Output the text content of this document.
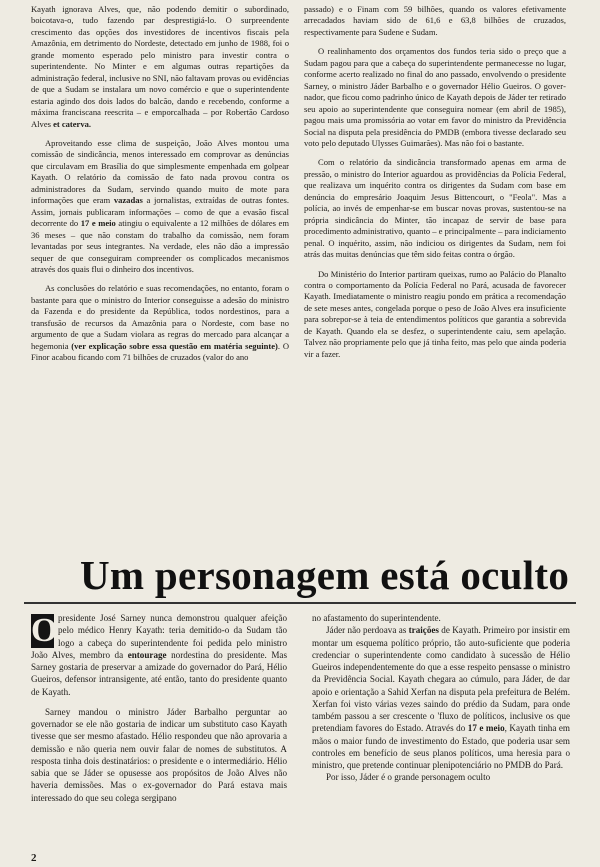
Kayath ignorava Alves, que, não podendo demitir o subordinado, boicotava-o, tudo fazendo par desprestigiá-lo. O surpreendente crescimento das opções dos investidores de incentivos fiscais pela Amazônia, em detrimento do Nordeste, detectado em junho de 1988, foi o grande momento esperado pelo ministro para investir contra o superintendente. No Minter e em algumas outras repartições da administração federal, inclusive no SNI, não faltavam provas ou evidências de que a Sudam se instalara um novo comércio e que o superintendente estaria agindo dos dois lados do balcão, dando e recebendo, conforme a máxima franciscana reescrita – e emporcalhada – por Robertão Cardoso Alves et caterva.

Aproveitando esse clima de suspeição, João Alves montou uma comissão de sindicância, menos interessado em comprovar as denúncias que circulavam em Brasília do que simplesmente empenhada em golpear Kayath. O relatório da comissão de fato nada provou contra os administradores da Sudam, servindo quando muito de mote para informações que eram vazadas a jornalistas, extraídas de outras fontes. Assim, jornais publicaram informações – como de que a evasão fiscal decorrente do 17 e meio atingiu o equivalente a 12 milhões de dólares em 36 meses – que não constam do trabalho da comissão, nem foram levantadas por seus integrantes. Na verdade, eles não dão a impressão sequer de que conseguiram compreender os complicados mecanismos através dos quais flui o dinheiro dos incentivos.

As conclusões do relatório e suas recomendações, no entanto, foram o bastante para que o ministro do Interior conseguisse a adesão do ministro da Fazenda e do presidente da República, todos nordestinos, para a transfusão de recursos da Amazônia para o Nordeste, com base no argumento de que a Sudam violara as regras do mercado para alcançar a hegemonia (ver explicação sobre essa questão em matéria seguinte). O Finor acabou ficando com 71 bilhões de cruzados (valor do ano

passado) e o Finam com 59 bilhões, quando os valores efetivamente arrecadados haviam sido de 61,6 e 63,8 bilhões de cruzados, respectivamente para Sudene e Sudam.

O realinhamento dos orçamentos dos fundos teria sido o preço que a Sudam pagou para que a cabeça do superintendente permanecesse no lugar, conforme acerto realizado no final do ano passado, envolvendo o presidente Sarney, o ministro Jáder Barbalho e o governador Hélio Gueiros. O governador, que ficou como padrinho único de Kayath depois de Jáder ter retirado seu apoio ao superintendente que conseguira nomear (em abril de 1985), pagou mais uma promissória ao votar em favor do ministro da Previdência Social na disputa pela presidência do PMDB (embora tivesse declarado seu voto pelo deputado Ulysses Guimarães). Mas não foi o bastante.

Com o relatório da sindicância transformado apenas em arma de pressão, o ministro do Interior aguardou as providências da Polícia Federal, que realizava um inquérito contra os dirigentes da Sudam com base em denúncia do empresário Joaquim Jesus Bittencourt, o "Feola". Mas a polícia, ao invés de empenhar-se em buscar novas provas, sustentou-se na própria sindicância do Minter, tão incapaz de servir de base para procedimento administrativo, quanto – e principalmente – para indiciamento penal. O inquérito, assim, não indiciou os dirigentes da Sudam, nem foi atrás das muitas denúncias que têm sido feitas contra o órgão.

Do Ministério do Interior partiram queixas, rumo ao Palácio do Planalto contra o comportamento da Polícia Federal no Pará, acusada de favorecer Kayath. Imediatamente o ministro reagiu pondo em prática a recomendação de sete meses antes, congelada porque o peso de João Alves era insuficiente para sobrepor-se à teia de entendimentos políticos que garantia a sobrevida de Kayath. Quando ela se desfez, o superintendente caiu, sem apelação. Talvez não propriamente pelo que já tinha feito, mas pelo que ainda poderia vir a fazer.

Um personagem está oculto

O presidente José Sarney nunca demonstrou qualquer afeição pelo médico Henry Kayath: teria demitido-o da Sudam tão logo a cabeça do superintendente foi pedida pelo ministro João Alves, membro da entourage nordestina do presidente. Mas Sarney gostaria de preservar a amizade do governador do Pará, Hélio Gueiros, defensor intransigente, até então, tanto do presidente quanto de Kayath.

Sarney mandou o ministro Jáder Barbalho perguntar ao governador se ele não gostaria de indicar um substituto caso Kayath tivesse que ser mesmo afastado. Hélio respondeu que não aprovaria a demissão e não queria nem ouvir falar de nomes de substitutos. A resposta tinha dois destinatários: o presidente e o intermediário. Hélio sabia que se Jáder se opusesse aos propósitos de João Alves não haveria demissões. Mas o ex-governador do Pará estava mais interessado do que seu colega sergipano

no afastamento do superintendente.

Jáder não perdoava as traições de Kayath. Primeiro por insistir em montar um esquema político próprio, tão auto-suficiente que poderia credenciar o superintendente como candidato à sucessão de Hélio Gueiros independentemente do que a esse respeito pensasse o ministro da Previdência Social. Kayath chegara ao cúmulo, para Jáder, de dar apoio e orientação a Sahid Xerfan na disputa pela prefeitura de Belém. Xerfan foi visto várias vezes saindo do prédio da Sudam, para onde também passou a ser crescente o 'fluxo de políticos, inclusive os que pretendiam favores do Estado. Através do 17 e meio, Kayath tinha em mãos o maior fundo de investimento do Estado, que poderia usar sem controles em benefício de seus planos políticos, uma heresia para o ministro, que pretende continuar plenipotenciário no PMDB do Pará.

Por isso, Jáder é o grande personagem oculto

2
